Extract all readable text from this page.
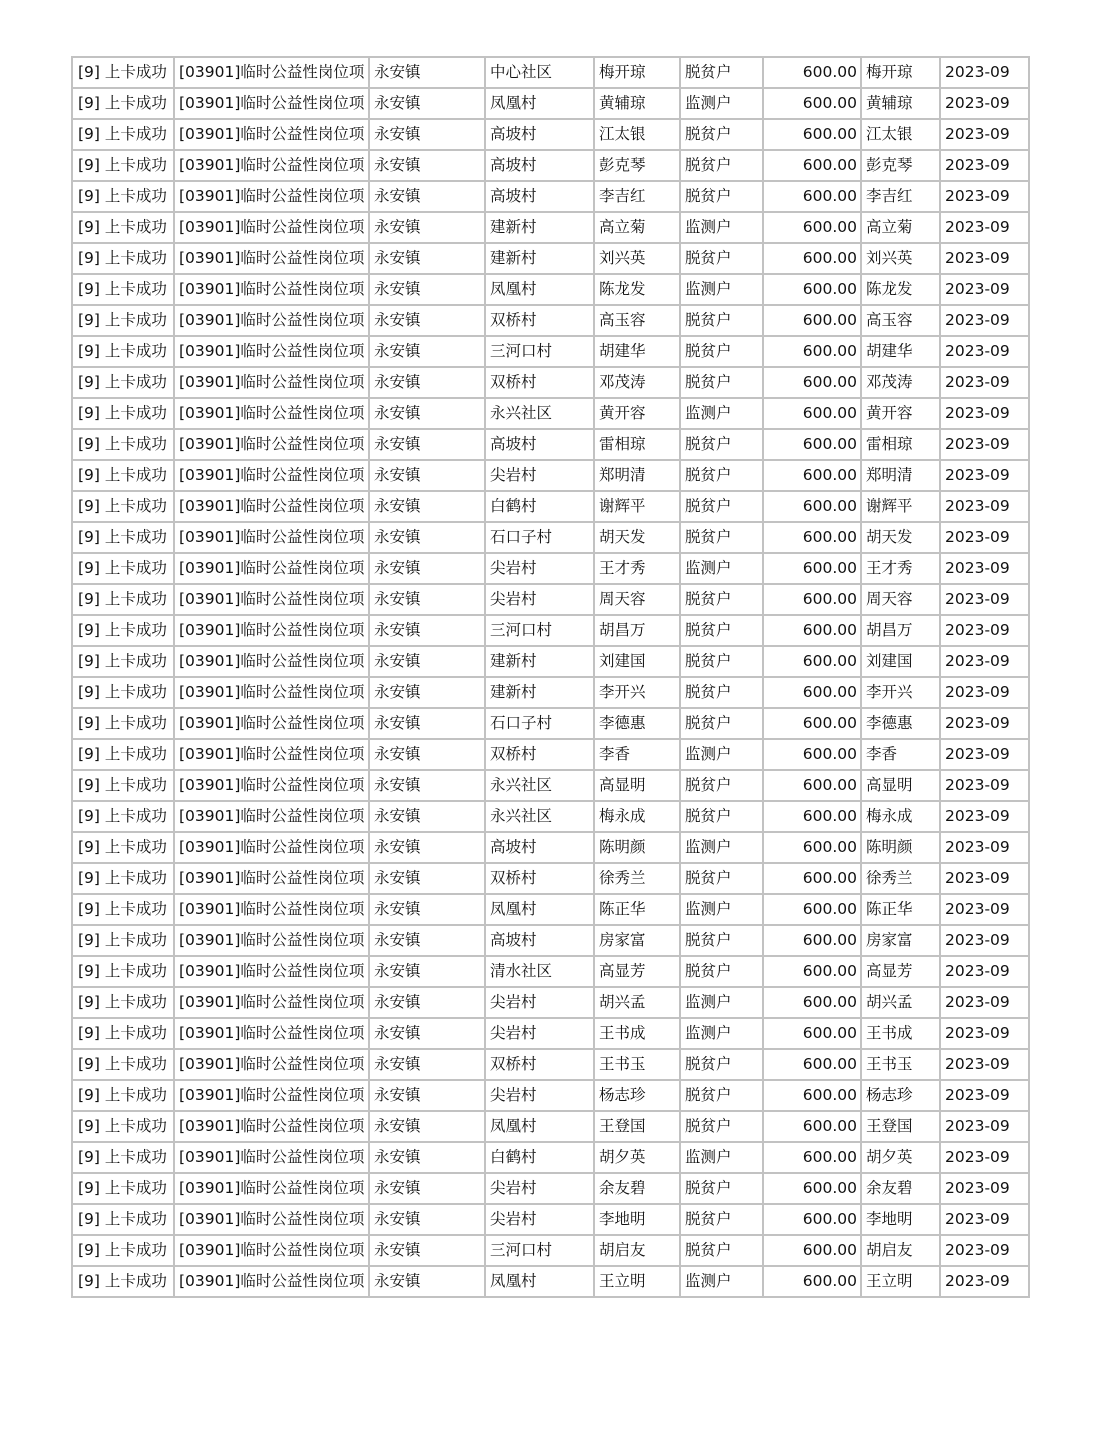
[9] 上卡成功	[03901]临时公益性岗位项	永安镇	中心社区	梅开琼	脱贫户	600.00	梅开琼	2023-09
[9] 上卡成功	[03901]临时公益性岗位项	永安镇	凤凰村	黄辅琼	监测户	600.00	黄辅琼	2023-09
[9] 上卡成功	[03901]临时公益性岗位项	永安镇	高坡村	江太银	脱贫户	600.00	江太银	2023-09
[9] 上卡成功	[03901]临时公益性岗位项	永安镇	高坡村	彭克琴	脱贫户	600.00	彭克琴	2023-09
[9] 上卡成功	[03901]临时公益性岗位项	永安镇	高坡村	李吉红	脱贫户	600.00	李吉红	2023-09
[9] 上卡成功	[03901]临时公益性岗位项	永安镇	建新村	高立菊	监测户	600.00	高立菊	2023-09
[9] 上卡成功	[03901]临时公益性岗位项	永安镇	建新村	刘兴英	脱贫户	600.00	刘兴英	2023-09
[9] 上卡成功	[03901]临时公益性岗位项	永安镇	凤凰村	陈龙发	监测户	600.00	陈龙发	2023-09
[9] 上卡成功	[03901]临时公益性岗位项	永安镇	双桥村	高玉容	脱贫户	600.00	高玉容	2023-09
[9] 上卡成功	[03901]临时公益性岗位项	永安镇	三河口村	胡建华	脱贫户	600.00	胡建华	2023-09
[9] 上卡成功	[03901]临时公益性岗位项	永安镇	双桥村	邓茂涛	脱贫户	600.00	邓茂涛	2023-09
[9] 上卡成功	[03901]临时公益性岗位项	永安镇	永兴社区	黄开容	监测户	600.00	黄开容	2023-09
[9] 上卡成功	[03901]临时公益性岗位项	永安镇	高坡村	雷相琼	脱贫户	600.00	雷相琼	2023-09
[9] 上卡成功	[03901]临时公益性岗位项	永安镇	尖岩村	郑明清	脱贫户	600.00	郑明清	2023-09
[9] 上卡成功	[03901]临时公益性岗位项	永安镇	白鹤村	谢辉平	脱贫户	600.00	谢辉平	2023-09
[9] 上卡成功	[03901]临时公益性岗位项	永安镇	石口子村	胡天发	脱贫户	600.00	胡天发	2023-09
[9] 上卡成功	[03901]临时公益性岗位项	永安镇	尖岩村	王才秀	监测户	600.00	王才秀	2023-09
[9] 上卡成功	[03901]临时公益性岗位项	永安镇	尖岩村	周天容	脱贫户	600.00	周天容	2023-09
[9] 上卡成功	[03901]临时公益性岗位项	永安镇	三河口村	胡昌万	脱贫户	600.00	胡昌万	2023-09
[9] 上卡成功	[03901]临时公益性岗位项	永安镇	建新村	刘建国	脱贫户	600.00	刘建国	2023-09
[9] 上卡成功	[03901]临时公益性岗位项	永安镇	建新村	李开兴	脱贫户	600.00	李开兴	2023-09
[9] 上卡成功	[03901]临时公益性岗位项	永安镇	石口子村	李德惠	脱贫户	600.00	李德惠	2023-09
[9] 上卡成功	[03901]临时公益性岗位项	永安镇	双桥村	李香	监测户	600.00	李香	2023-09
[9] 上卡成功	[03901]临时公益性岗位项	永安镇	永兴社区	高显明	脱贫户	600.00	高显明	2023-09
[9] 上卡成功	[03901]临时公益性岗位项	永安镇	永兴社区	梅永成	脱贫户	600.00	梅永成	2023-09
[9] 上卡成功	[03901]临时公益性岗位项	永安镇	高坡村	陈明颜	监测户	600.00	陈明颜	2023-09
[9] 上卡成功	[03901]临时公益性岗位项	永安镇	双桥村	徐秀兰	脱贫户	600.00	徐秀兰	2023-09
[9] 上卡成功	[03901]临时公益性岗位项	永安镇	凤凰村	陈正华	监测户	600.00	陈正华	2023-09
[9] 上卡成功	[03901]临时公益性岗位项	永安镇	高坡村	房家富	脱贫户	600.00	房家富	2023-09
[9] 上卡成功	[03901]临时公益性岗位项	永安镇	清水社区	高显芳	脱贫户	600.00	高显芳	2023-09
[9] 上卡成功	[03901]临时公益性岗位项	永安镇	尖岩村	胡兴孟	监测户	600.00	胡兴孟	2023-09
[9] 上卡成功	[03901]临时公益性岗位项	永安镇	尖岩村	王书成	监测户	600.00	王书成	2023-09
[9] 上卡成功	[03901]临时公益性岗位项	永安镇	双桥村	王书玉	脱贫户	600.00	王书玉	2023-09
[9] 上卡成功	[03901]临时公益性岗位项	永安镇	尖岩村	杨志珍	脱贫户	600.00	杨志珍	2023-09
[9] 上卡成功	[03901]临时公益性岗位项	永安镇	凤凰村	王登国	脱贫户	600.00	王登国	2023-09
[9] 上卡成功	[03901]临时公益性岗位项	永安镇	白鹤村	胡夕英	监测户	600.00	胡夕英	2023-09
[9] 上卡成功	[03901]临时公益性岗位项	永安镇	尖岩村	余友碧	脱贫户	600.00	余友碧	2023-09
[9] 上卡成功	[03901]临时公益性岗位项	永安镇	尖岩村	李地明	脱贫户	600.00	李地明	2023-09
[9] 上卡成功	[03901]临时公益性岗位项	永安镇	三河口村	胡启友	脱贫户	600.00	胡启友	2023-09
[9] 上卡成功	[03901]临时公益性岗位项	永安镇	凤凰村	王立明	监测户	600.00	王立明	2023-09
